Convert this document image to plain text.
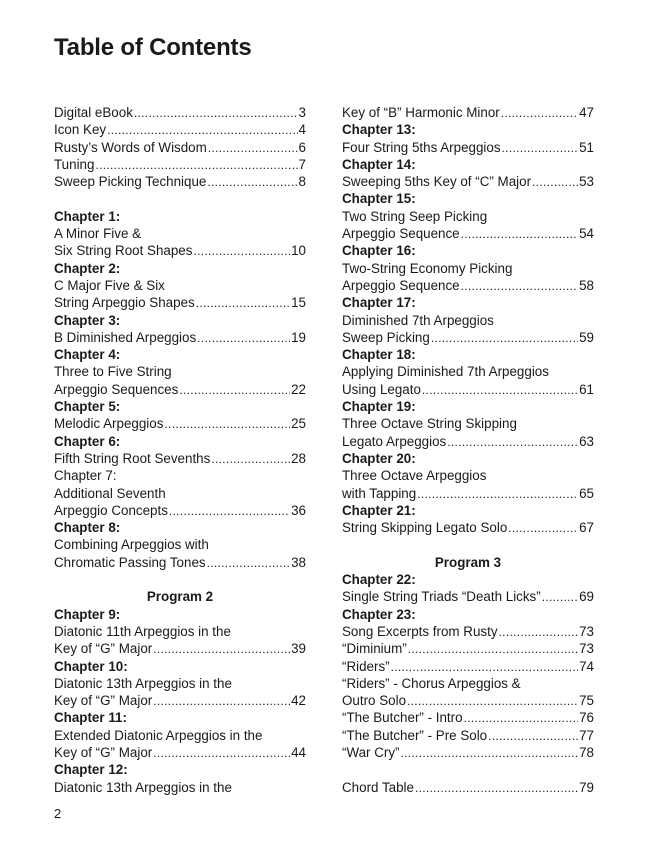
Table of Contents
Digital eBook .....	3
Icon Key .....	4
Rusty’s Words of Wisdom .....	6
Tuning .....	7
Sweep Picking Technique .....	8
Chapter 1:
A Minor Five &
Six String Root Shapes .....	10
Chapter 2:
C Major Five & Six
String Arpeggio Shapes .....	15
Chapter 3:
B Diminished Arpeggios .....	19
Chapter 4:
Three to Five String
Arpeggio Sequences .....	22
Chapter 5:
Melodic Arpeggios .....	25
Chapter 6:
Fifth String Root Sevenths .....	28
Chapter 7:
Additional Seventh
Arpeggio Concepts .....	36
Chapter 8:
Combining Arpeggios with
Chromatic Passing Tones .....	38
Program 2
Chapter 9:
Diatonic 11th Arpeggios in the
Key of “G” Major .....	39
Chapter 10:
Diatonic 13th Arpeggios in the
Key of “G” Major .....	42
Chapter 11:
Extended Diatonic Arpeggios in the
Key of “G” Major .....	44
Chapter 12:
Diatonic 13th Arpeggios in the
Key of “B” Harmonic Minor .....	47
Chapter 13:
Four String 5ths Arpeggios .....	51
Chapter 14:
Sweeping 5ths Key of “C” Major .....	53
Chapter 15:
Two String Seep Picking
Arpeggio Sequence .....	54
Chapter 16:
Two-String Economy Picking
Arpeggio Sequence .....	58
Chapter 17:
Diminished 7th Arpeggios
Sweep Picking .....	59
Chapter 18:
Applying Diminished 7th Arpeggios
Using Legato .....	61
Chapter 19:
Three Octave String Skipping
Legato Arpeggios .....	63
Chapter 20:
Three Octave Arpeggios
with Tapping .....	65
Chapter 21:
String Skipping Legato Solo .....	67
Program 3
Chapter 22:
Single String Triads “Death Licks” .....	69
Chapter 23:
Song Excerpts from Rusty .....	73
“Diminium” .....	73
“Riders” .....	74
“Riders” - Chorus Arpeggios &
Outro Solo .....	75
“The Butcher” - Intro .....	76
“The Butcher” - Pre Solo .....	77
“War Cry” .....	78
Chord Table .....	79

2
